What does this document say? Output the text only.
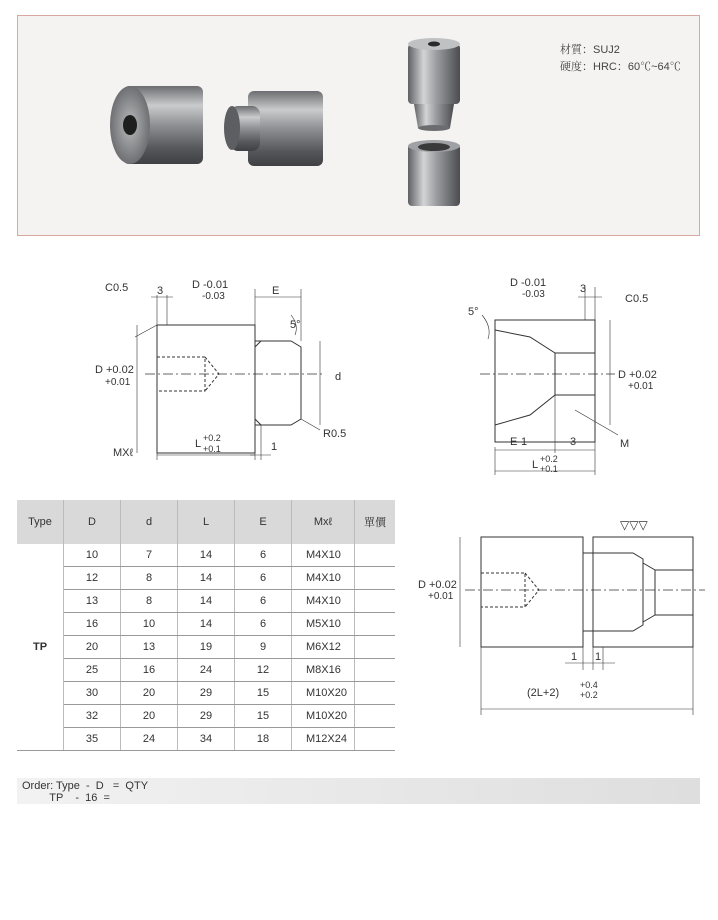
材質：SUJ2
硬度：HRC：60℃~64℃
C0.5	3	D -0.01
-0.03	E
5°
d
D +0.02
+0.01
MXℓ
L +0.2
+0.1	1
R0.5
D -0.01
-0.03	3
C0.5
5°
D +0.02
+0.01
E-1	3	M
L +0.2
+0.1
▽▽▽
D +0.02
+0.01
1 1
(2L+2)
+0.4
+0.2
Type	D	d	L	E	Mxℓ	單價
TP	10	7	14	6	M4X10	
	12	8	14	6	M4X10	
	13	8	14	6	M4X10	
	16	10	14	6	M5X10	
	20	13	19	9	M6X12	
	25	16	24	12	M8X16	
	30	20	29	15	M10X20	
	32	20	29	15	M10X20	
	35	24	34	18	M12X24	
Order: Type  -  D   =  QTY
TP    -  16  =
